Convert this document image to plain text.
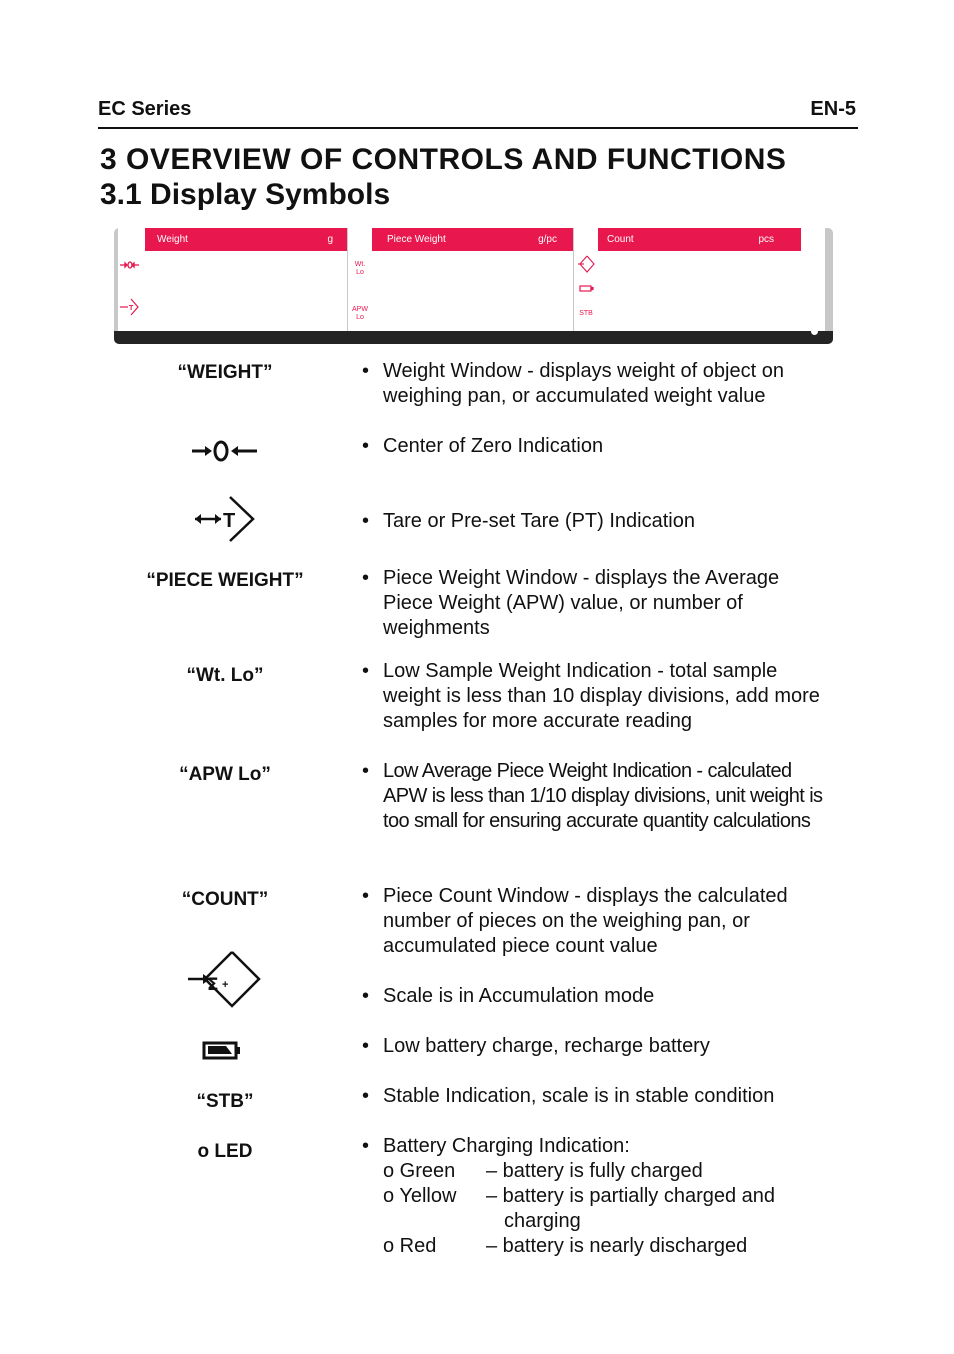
EC Series	EN-5
3 OVERVIEW OF CONTROLS AND FUNCTIONS
3.1 Display Symbols
Weight	g
T
Wt.
Lo
APW
Lo
Piece Weight	g/pc
STB
Count	pcs
“WEIGHT”	• Weight Window - displays weight of object on weighing pan, or accumulated weight value
• Center of Zero Indication
T	• Tare or Pre-set Tare (PT) Indication
“PIECE WEIGHT”	• Piece Weight Window - displays the Average Piece Weight (APW) value, or number of weighments
“Wt. Lo”	• Low Sample Weight Indication - total sample weight is less than 10 display divisions, add more samples for more accurate reading
“APW Lo”	• Low Average Piece Weight Indication - calculated APW is less than 1/10 display divisions, unit weight is too small for ensuring accurate quantity calculations
“COUNT”	• Piece Count Window - displays the calculated number of pieces on the weighing pan, or accumulated piece count value
Σ +	• Scale is in Accumulation mode
• Low battery charge, recharge battery
“STB”	• Stable Indication, scale is in stable condition
o LED	• Battery Charging Indication:
o Green – battery is fully charged
o Yellow – battery is partially charged and charging
o Red – battery is nearly discharged
